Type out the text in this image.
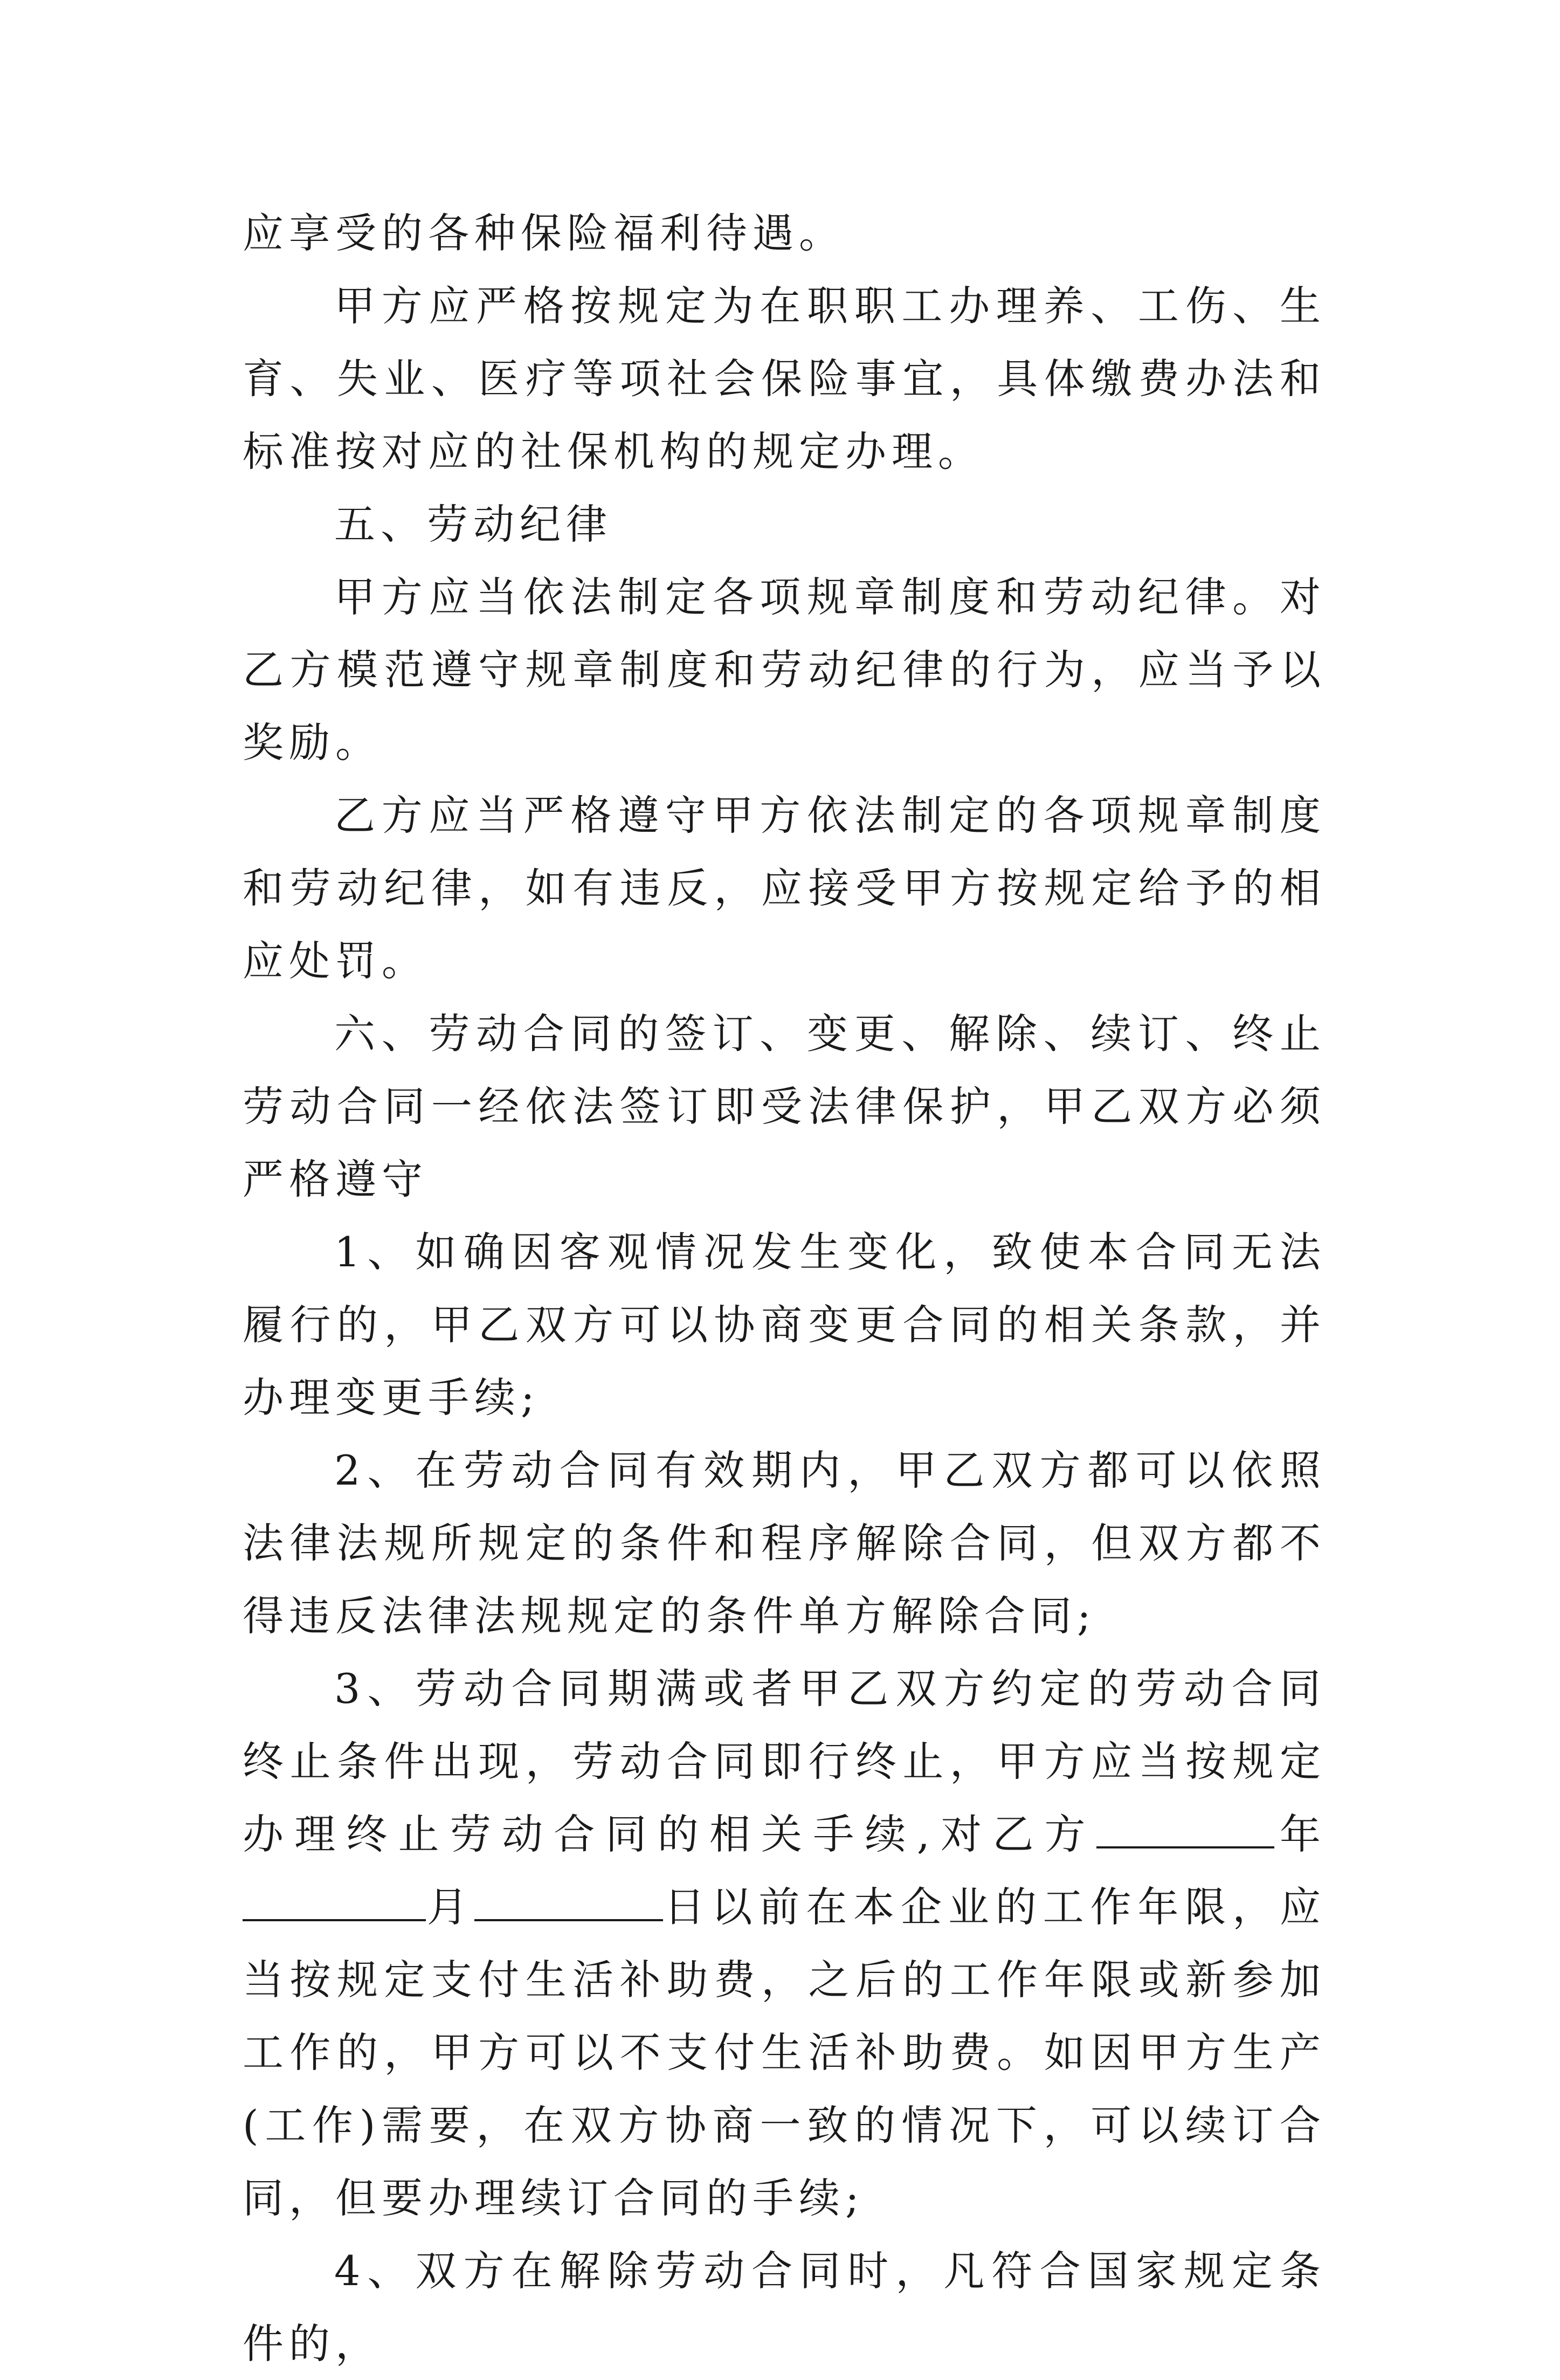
应享受的各种保险福利待遇。

甲方应严格按规定为在职职工办理养、工伤、生育、失业、医疗等项社会保险事宜，具体缴费办法和标准按对应的社保机构的规定办理。

五、劳动纪律

甲方应当依法制定各项规章制度和劳动纪律。对乙方模范遵守规章制度和劳动纪律的行为，应当予以奖励。

乙方应当严格遵守甲方依法制定的各项规章制度和劳动纪律，如有违反，应接受甲方按规定给予的相应处罚。

六、劳动合同的签订、变更、解除、续订、终止劳动合同一经依法签订即受法律保护，甲乙双方必须严格遵守

1、如确因客观情况发生变化，致使本合同无法履行的，甲乙双方可以协商变更合同的相关条款，并办理变更手续;

2、在劳动合同有效期内，甲乙双方都可以依照法律法规所规定的条件和程序解除合同，但双方都不得违反法律法规规定的条件单方解除合同;

3、劳动合同期满或者甲乙双方约定的劳动合同终止条件出现，劳动合同即行终止，甲方应当按规定办理终止劳动合同的相关手续,对乙方	年月	日以前在本企业的工作年限，应当按规定支付生活补助费，之后的工作年限或新参加工作的，甲方可以不支付生活补助费。如因甲方生产(工作)需要，在双方协商一致的情况下，可以续订合同，但要办理续订合同的手续;

4、双方在解除劳动合同时，凡符合国家规定条件的，
